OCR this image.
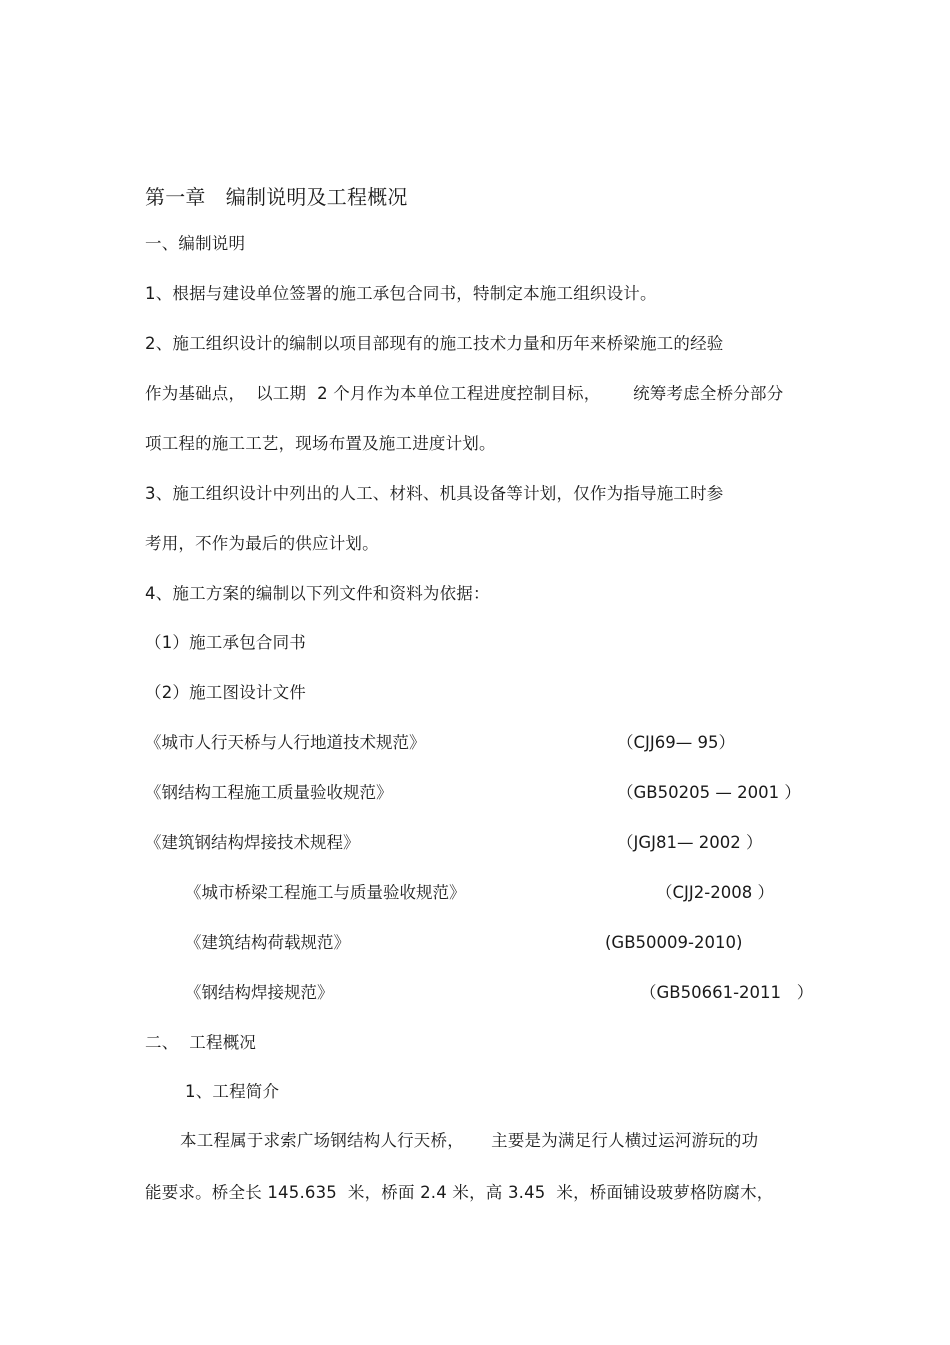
第一章　编制说明及工程概况
一、编制说明
1、根据与建设单位签署的施工承包合同书，特制定本施工组织设计。
2、施工组织设计的编制以项目部现有的施工技术力量和历年来桥梁施工的经验
作为基础点，  以工期  2 个月作为本单位工程进度控制目标，      统筹考虑全桥分部分
项工程的施工工艺，现场布置及施工进度计划。
3、施工组织设计中列出的人工、材料、机具设备等计划，仅作为指导施工时参
考用，不作为最后的供应计划。
4、施工方案的编制以下列文件和资料为依据：
（1）施工承包合同书
（2）施工图设计文件
《城市人行天桥与人行地道技术规范》	（CJJ69— 95）
《钢结构工程施工质量验收规范》	（GB50205 — 2001 ）
《建筑钢结构焊接技术规程》	（JGJ81— 2002 ）
《城市桥梁工程施工与质量验收规范》	（CJJ2-2008 ）
《建筑结构荷载规范》	(GB50009-2010)
《钢结构焊接规范》	（GB50661-2011   ）
二、  工程概况
1、工程简介
本工程属于求索广场钢结构人行天桥，     主要是为满足行人横过运河游玩的功
能要求。桥全长 145.635  米，桥面 2.4 米，高 3.45  米，桥面铺设玻萝格防腐木，
